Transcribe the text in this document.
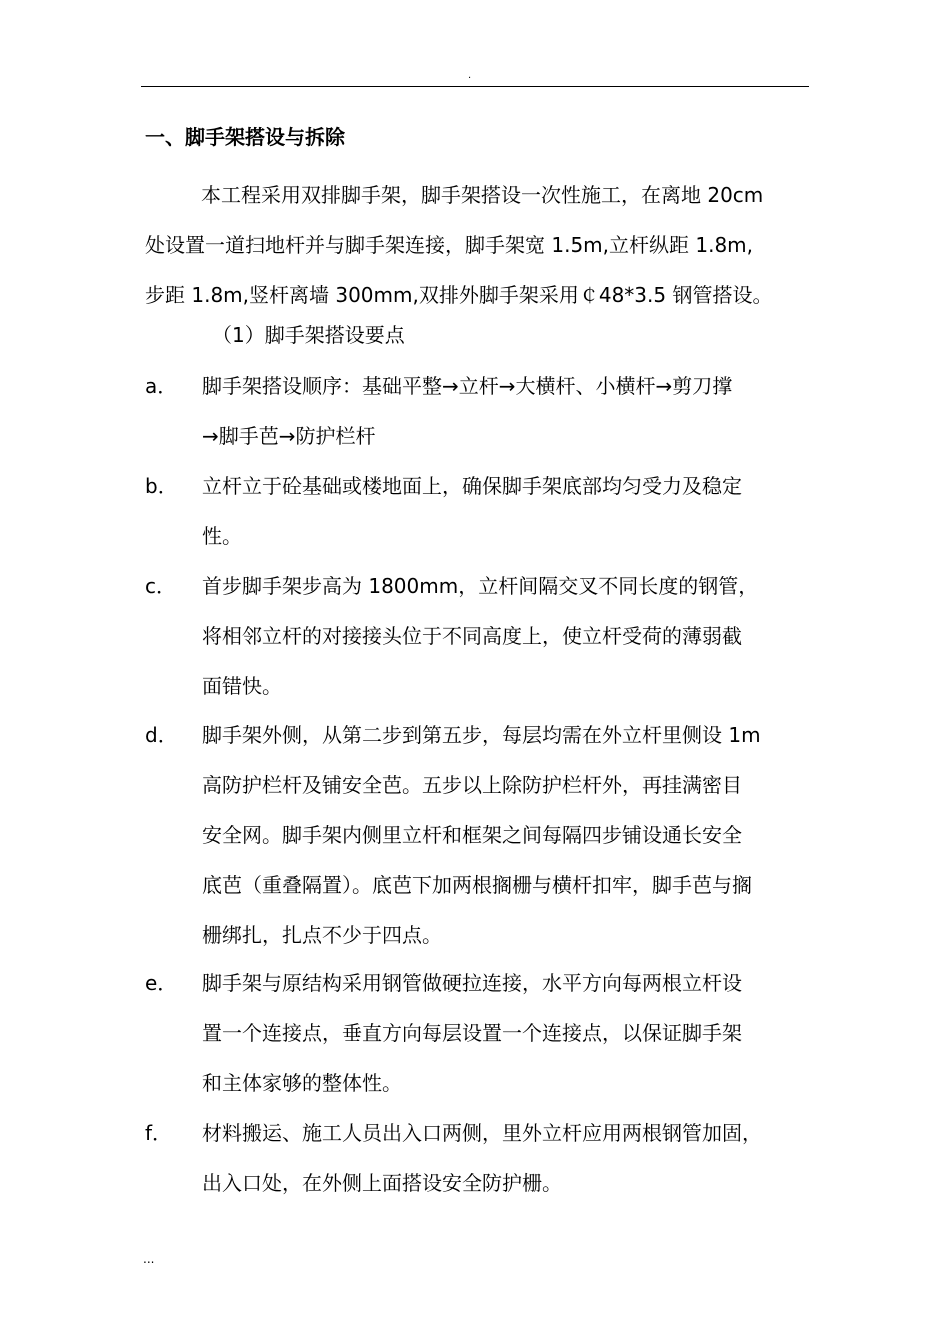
.
一、脚手架搭设与拆除
本工程采用双排脚手架，脚手架搭设一次性施工，在离地 20cm
处设置一道扫地杆并与脚手架连接，脚手架宽 1.5m,立杆纵距 1.8m,
步距 1.8m,竖杆离墙 300mm,双排外脚手架采用￠48*3.5 钢管搭设。
（1）脚手架搭设要点
a．	脚手架搭设顺序：基础平整→立杆→大横杆、小横杆→剪刀撑
→脚手芭→防护栏杆
b．	立杆立于砼基础或楼地面上，确保脚手架底部均匀受力及稳定
性。
c．	首步脚手架步高为 1800mm，立杆间隔交叉不同长度的钢管，
将相邻立杆的对接接头位于不同高度上，使立杆受荷的薄弱截
面错快。
d．	脚手架外侧，从第二步到第五步，每层均需在外立杆里侧设 1m
高防护栏杆及铺安全芭。五步以上除防护栏杆外，再挂满密目
安全网。脚手架内侧里立杆和框架之间每隔四步铺设通长安全
底芭（重叠隔置）。底芭下加两根搁栅与横杆扣牢，脚手芭与搁
栅绑扎，扎点不少于四点。
e．	脚手架与原结构采用钢管做硬拉连接，水平方向每两根立杆设
置一个连接点，垂直方向每层设置一个连接点，以保证脚手架
和主体家够的整体性。
f．	材料搬运、施工人员出入口两侧，里外立杆应用两根钢管加固，
出入口处，在外侧上面搭设安全防护栅。
...
